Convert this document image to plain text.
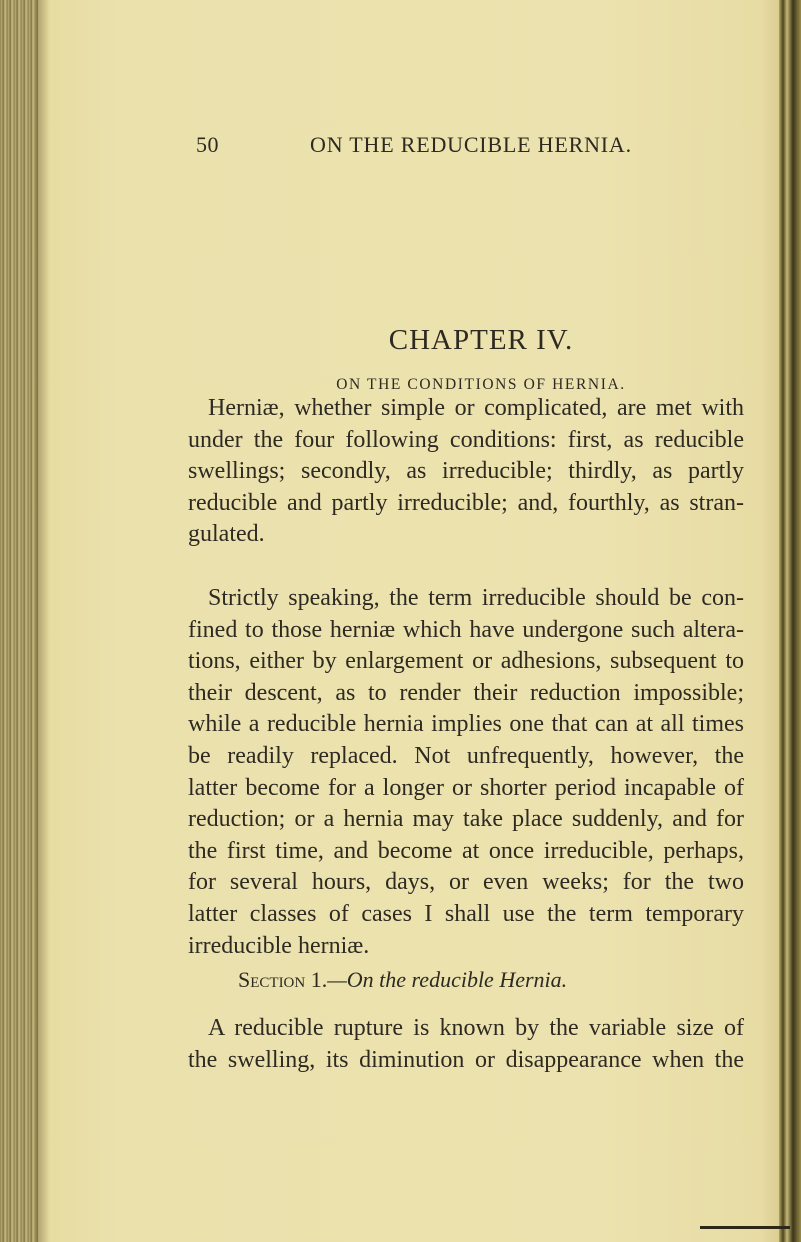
50	ON THE REDUCIBLE HERNIA.
CHAPTER IV.
ON THE CONDITIONS OF HERNIA.
Herniæ, whether simple or complicated, are met with
under the four following conditions: first, as reducible
swellings; secondly, as irreducible; thirdly, as partly
reducible and partly irreducible; and, fourthly, as stran-
gulated.
Strictly speaking, the term irreducible should be con-
fined to those herniæ which have undergone such altera-
tions, either by enlargement or adhesions, subsequent to
their descent, as to render their reduction impossible;
while a reducible hernia implies one that can at all times
be readily replaced. Not unfrequently, however, the
latter become for a longer or shorter period incapable of
reduction; or a hernia may take place suddenly, and for
the first time, and become at once irreducible, perhaps,
for several hours, days, or even weeks; for the two
latter classes of cases I shall use the term temporary
irreducible herniæ.
Section 1.—On the reducible Hernia.
A reducible rupture is known by the variable size of
the swelling, its diminution or disappearance when the
